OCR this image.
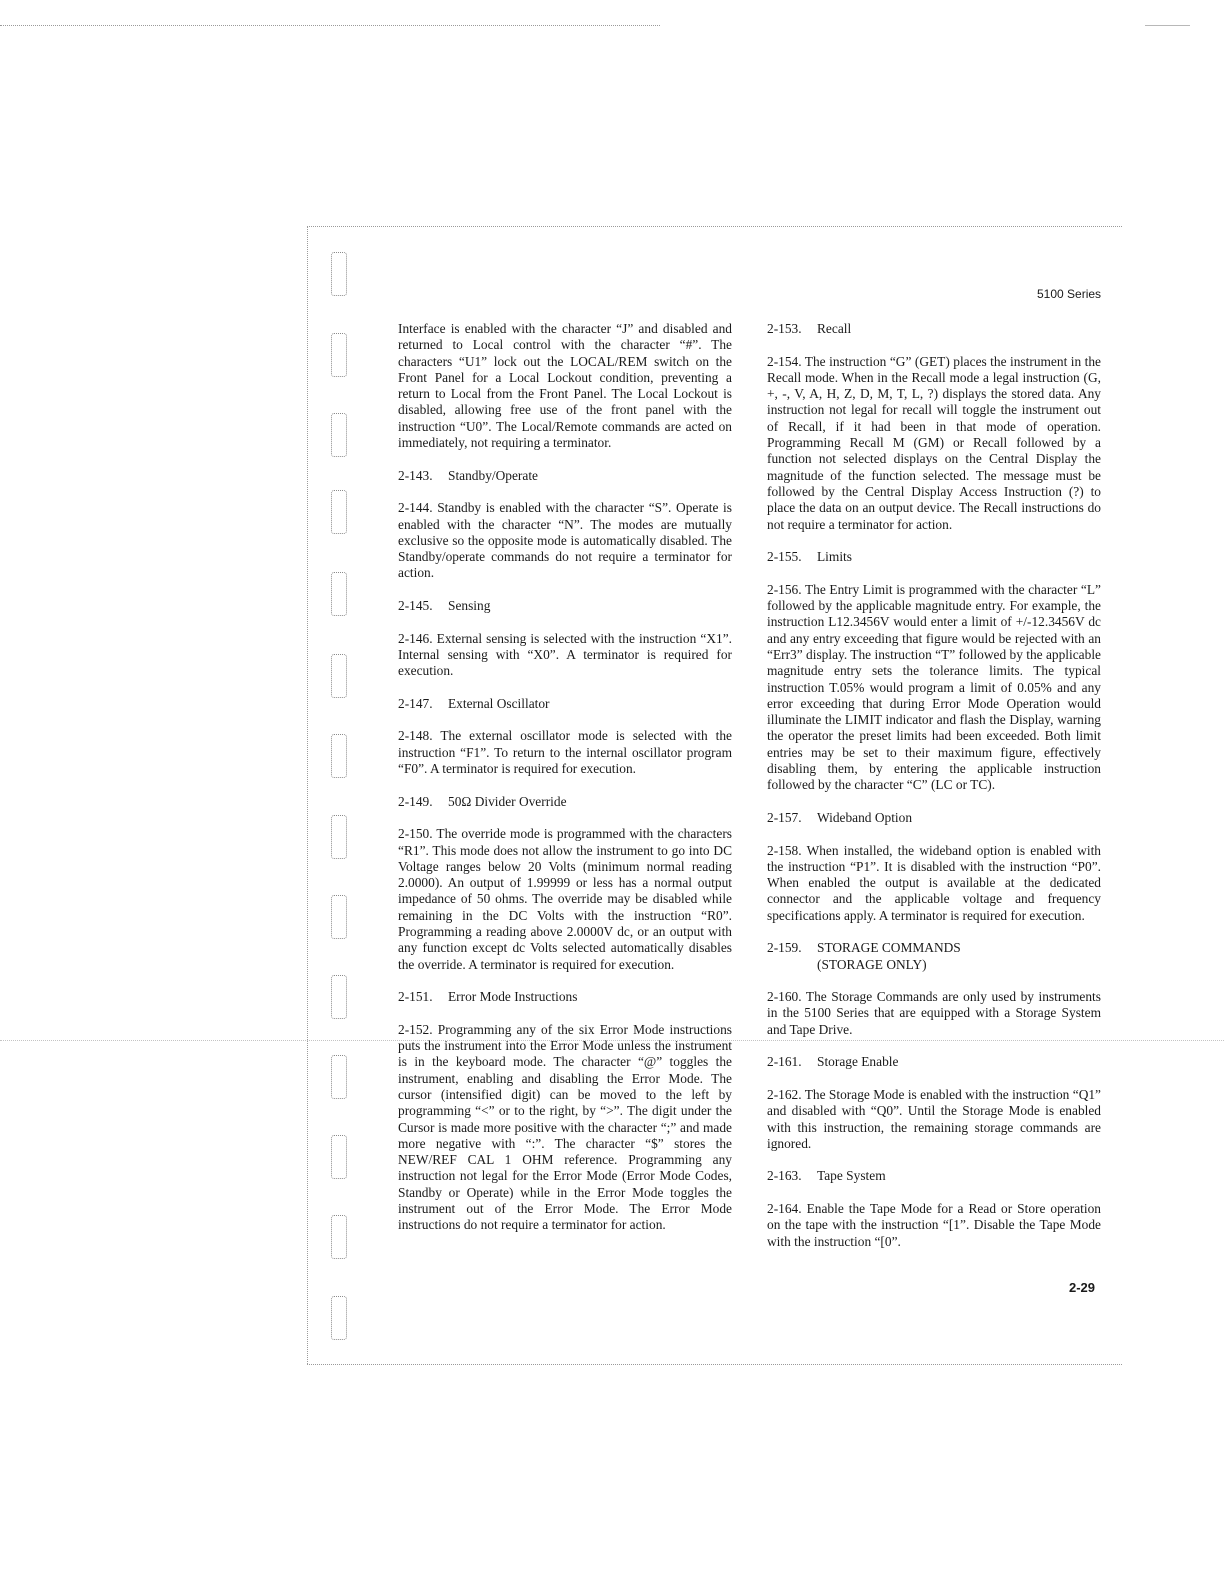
5100 Series

Interface is enabled with the character “J” and disabled and returned to Local control with the character “#”. The characters “U1” lock out the LOCAL/REM switch on the Front Panel for a Local Lockout condition, preventing a return to Local from the Front Panel. The Local Lockout is disabled, allowing free use of the front panel with the instruction “U0”. The Local/Remote commands are acted on immediately, not requiring a terminator.

2-143. Standby/Operate

2-144. Standby is enabled with the character “S”. Operate is enabled with the character “N”. The modes are mutually exclusive so the opposite mode is automatically disabled. The Standby/operate commands do not require a terminator for action.

2-145. Sensing

2-146. External sensing is selected with the instruction “X1”. Internal sensing with “X0”. A terminator is required for execution.

2-147. External Oscillator

2-148. The external oscillator mode is selected with the instruction “F1”. To return to the internal oscillator program “F0”. A terminator is required for execution.

2-149. 50Ω Divider Override

2-150. The override mode is programmed with the characters “R1”. This mode does not allow the instrument to go into DC Voltage ranges below 20 Volts (minimum normal reading 2.0000). An output of 1.99999 or less has a normal output impedance of 50 ohms. The override may be disabled while remaining in the DC Volts with the instruction “R0”. Programming a reading above 2.0000V dc, or an output with any function except dc Volts selected automatically disables the override. A terminator is required for execution.

2-151. Error Mode Instructions

2-152. Programming any of the six Error Mode instructions puts the instrument into the Error Mode unless the instrument is in the keyboard mode. The character “@” toggles the instrument, enabling and disabling the Error Mode. The cursor (intensified digit) can be moved to the left by programming “<” or to the right, by “>”. The digit under the Cursor is made more positive with the character “;” and made more negative with “:”. The character “$” stores the NEW/REF CAL 1 OHM reference. Programming any instruction not legal for the Error Mode (Error Mode Codes, Standby or Operate) while in the Error Mode toggles the instrument out of the Error Mode. The Error Mode instructions do not require a terminator for action.

2-153. Recall

2-154. The instruction “G” (GET) places the instrument in the Recall mode. When in the Recall mode a legal instruction (G, +, -, V, A, H, Z, D, M, T, L, ?) displays the stored data. Any instruction not legal for recall will toggle the instrument out of Recall, if it had been in that mode of operation. Programming Recall M (GM) or Recall followed by a function not selected displays on the Central Display the magnitude of the function selected. The message must be followed by the Central Display Access Instruction (?) to place the data on an output device. The Recall instructions do not require a terminator for action.

2-155. Limits

2-156. The Entry Limit is programmed with the character “L” followed by the applicable magnitude entry. For example, the instruction L12.3456V would enter a limit of +/-12.3456V dc and any entry exceeding that figure would be rejected with an “Err3” display. The instruction “T” followed by the applicable magnitude entry sets the tolerance limits. The typical instruction T.05% would program a limit of 0.05% and any error exceeding that during Error Mode Operation would illuminate the LIMIT indicator and flash the Display, warning the operator the preset limits had been exceeded. Both limit entries may be set to their maximum figure, effectively disabling them, by entering the applicable instruction followed by the character “C” (LC or TC).

2-157. Wideband Option

2-158. When installed, the wideband option is enabled with the instruction “P1”. It is disabled with the instruction “P0”. When enabled the output is available at the dedicated connector and the applicable voltage and frequency specifications apply. A terminator is required for execution.

2-159. STORAGE COMMANDS (STORAGE ONLY)

2-160. The Storage Commands are only used by instruments in the 5100 Series that are equipped with a Storage System and Tape Drive.

2-161. Storage Enable

2-162. The Storage Mode is enabled with the instruction “Q1” and disabled with “Q0”. Until the Storage Mode is enabled with this instruction, the remaining storage commands are ignored.

2-163. Tape System

2-164. Enable the Tape Mode for a Read or Store operation on the tape with the instruction “[1”. Disable the Tape Mode with the instruction “[0”.

2-29
